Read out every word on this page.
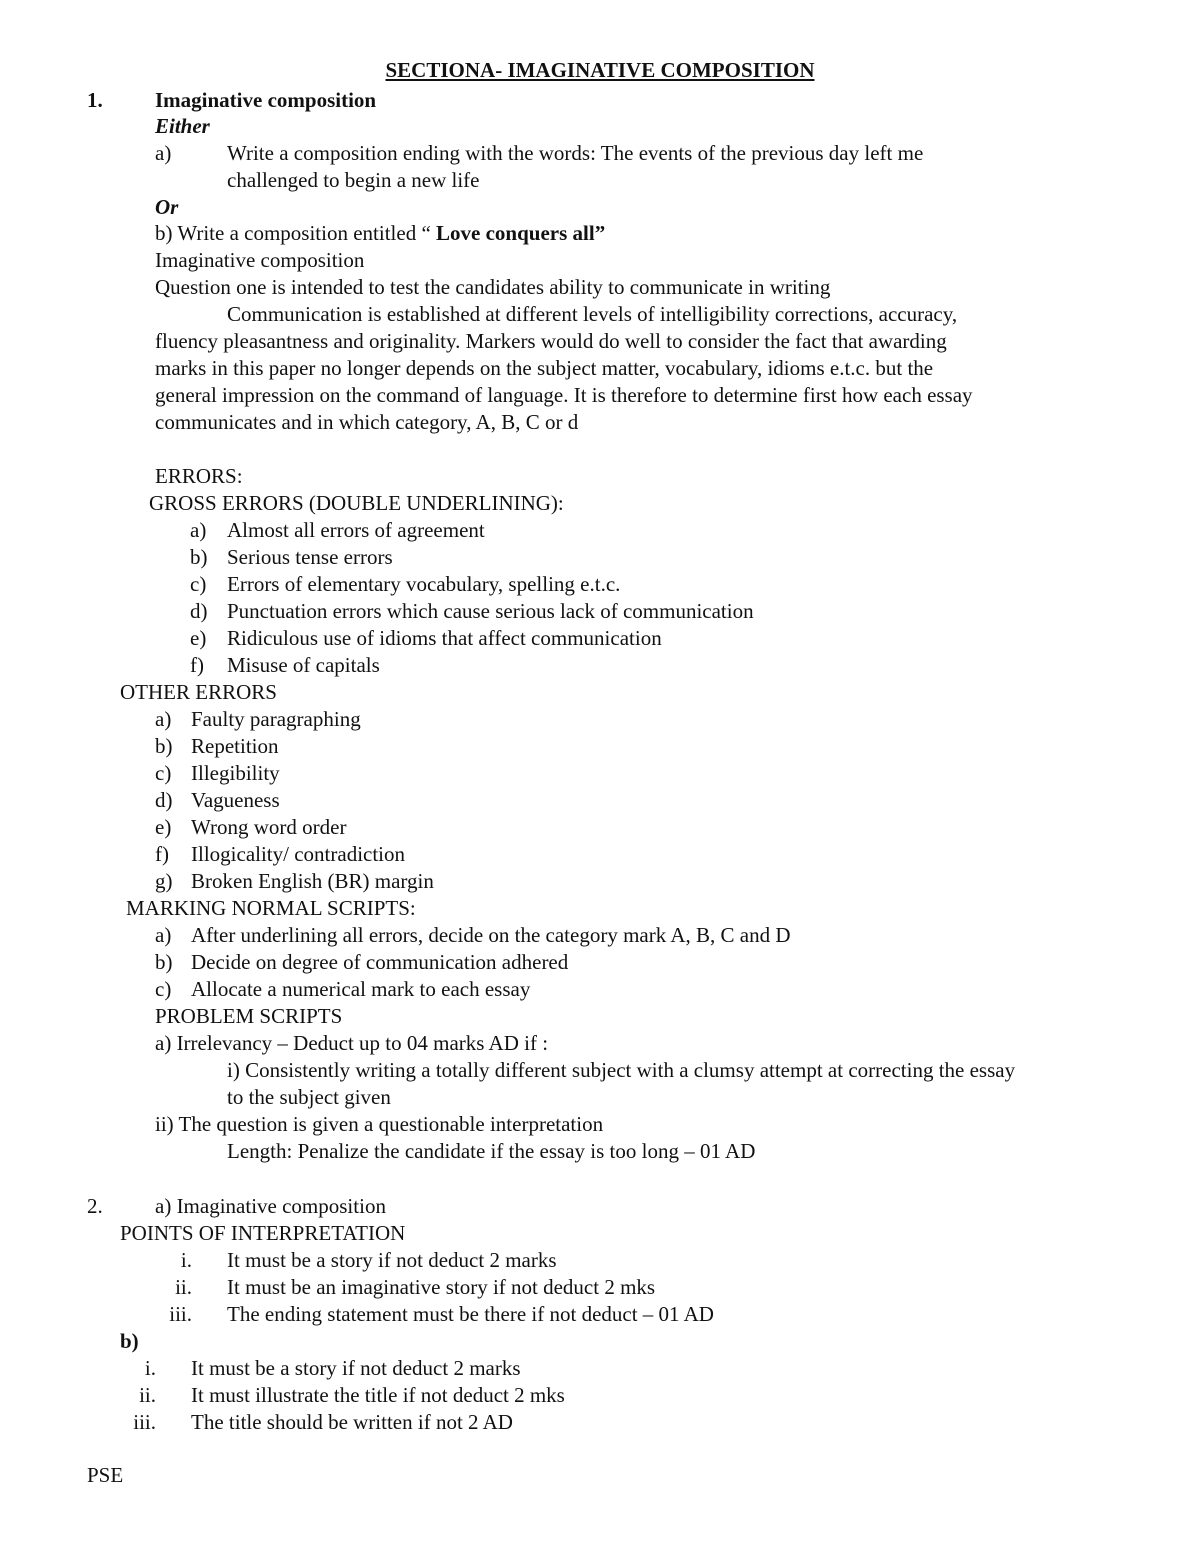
SECTIONA- IMAGINATIVE COMPOSITION
1. Imaginative composition
Either
a)	Write a composition ending with the words: The events of the previous day left me
challenged to begin a new life
Or
b) Write a composition entitled “ Love conquers all”
Imaginative composition
Question one is intended to test the candidates ability to communicate in writing
Communication is established at different levels of intelligibility corrections, accuracy,
fluency pleasantness and originality. Markers would do well to consider the fact that awarding
marks in this paper no longer depends on the subject matter, vocabulary, idioms e.t.c. but the
general impression on the command of language. It is therefore to determine first how each essay
communicates and in which category, A, B, C or d
ERRORS:
GROSS ERRORS (DOUBLE UNDERLINING):
a) Almost all errors of agreement
b) Serious tense errors
c) Errors of elementary vocabulary, spelling e.t.c.
d) Punctuation errors which cause serious lack of communication
e) Ridiculous use of idioms that affect communication
f) Misuse of capitals
OTHER ERRORS
a) Faulty paragraphing
b) Repetition
c) Illegibility
d) Vagueness
e) Wrong word order
f) Illogicality/ contradiction
g) Broken English (BR) margin
MARKING NORMAL SCRIPTS:
a) After underlining all errors, decide on the category mark A, B, C and D
b) Decide on degree of communication adhered
c) Allocate a numerical mark to each essay
PROBLEM SCRIPTS
a) Irrelevancy – Deduct up to 04 marks AD if :
i) Consistently writing a totally different subject with a clumsy attempt at correcting the essay
to the subject given
ii) The question is given a questionable interpretation
Length: Penalize the candidate if the essay is too long – 01 AD
2. a) Imaginative composition
POINTS OF INTERPRETATION
i. It must be a story if not deduct 2 marks
ii. It must be an imaginative story if not deduct 2 mks
iii. The ending statement must be there if not deduct – 01 AD
b)
i. It must be a story if not deduct 2 marks
ii. It must illustrate the title if not deduct 2 mks
iii. The title should be written if not 2 AD
PSE
